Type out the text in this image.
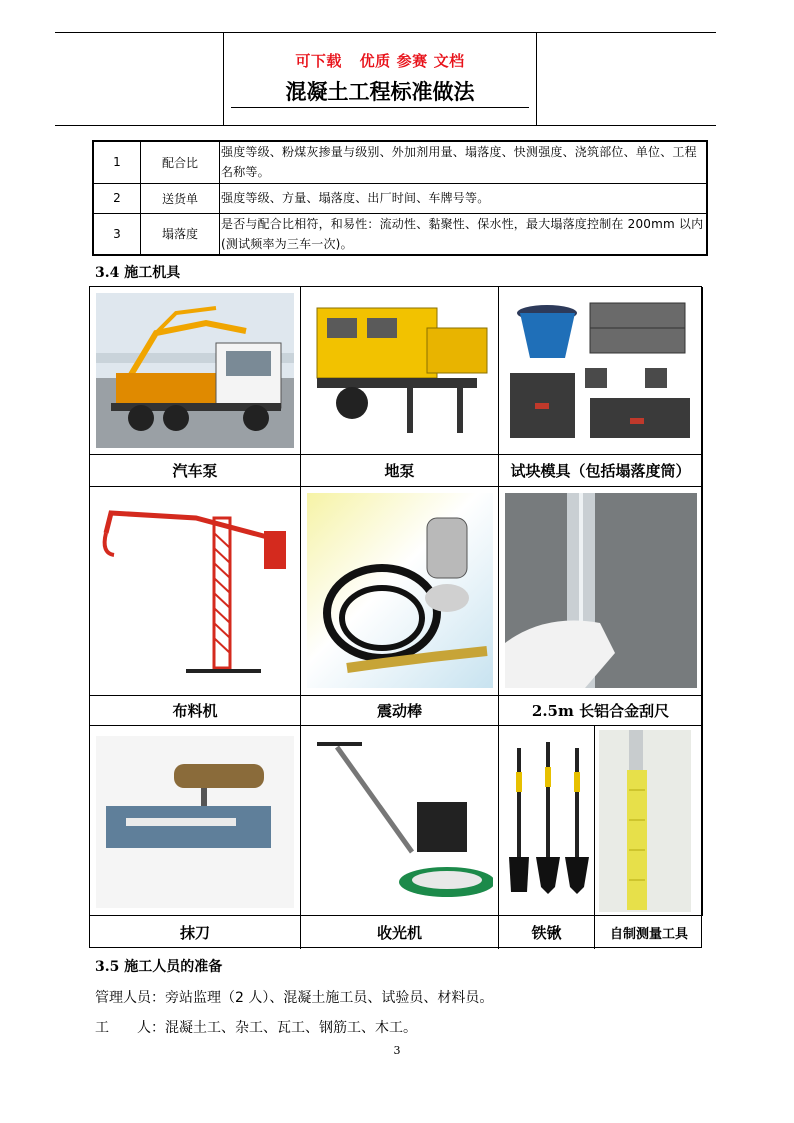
可下载 优质 参赛 文档
混凝土工程标准做法
1	配合比	强度等级、粉煤灰掺量与级别、外加剂用量、塌落度、快测强度、浇筑部位、单位、工程名称等。
2	送货单	强度等级、方量、塌落度、出厂时间、车牌号等。
3	塌落度	是否与配合比相符，和易性：流动性、黏聚性、保水性，最大塌落度控制在 200mm 以内(测试频率为三车一次)。
3.4 施工机具
汽车泵	地泵	试块模具（包括塌落度筒）
布料机	震动棒	2.5m 长铝合金刮尺
抹刀	收光机	铁锹	自制测量工具
3.5 施工人员的准备
管理人员：旁站监理（2 人）、混凝土施工员、试验员、材料员。
工　　人：混凝土工、杂工、瓦工、钢筋工、木工。
3
